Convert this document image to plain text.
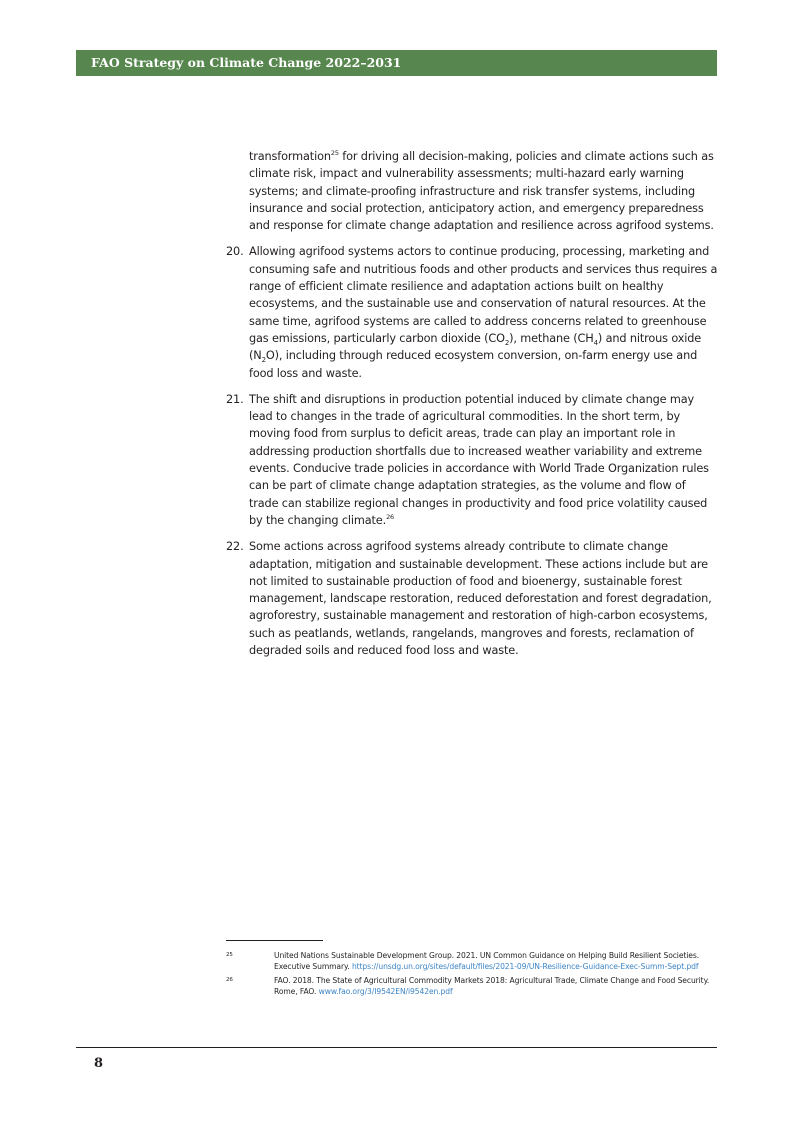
FAO Strategy on Climate Change 2022–2031

transformation$^{25}$ for driving all decision-making, policies and climate actions such as climate risk, impact and vulnerability assessments; multi-hazard early warning systems; and climate-proofing infrastructure and risk transfer systems, including insurance and social protection, anticipatory action, and emergency preparedness and response for climate change adaptation and resilience across agrifood systems.

20. Allowing agrifood systems actors to continue producing, processing, marketing and consuming safe and nutritious foods and other products and services thus requires a range of efficient climate resilience and adaptation actions built on healthy ecosystems, and the sustainable use and conservation of natural resources. At the same time, agrifood systems are called to address concerns related to greenhouse gas emissions, particularly carbon dioxide $(CO_2)$, methane $(CH_4)$ and nitrous oxide $(N_2O)$, including through reduced ecosystem conversion, on-farm energy use and food loss and waste.

21. The shift and disruptions in production potential induced by climate change may lead to changes in the trade of agricultural commodities. In the short term, by moving food from surplus to deficit areas, trade can play an important role in addressing production shortfalls due to increased weather variability and extreme events. Conducive trade policies in accordance with World Trade Organization rules can be part of climate change adaptation strategies, as the volume and flow of trade can stabilize regional changes in productivity and food price volatility caused by the changing climate.$^{26}$

22. Some actions across agrifood systems already contribute to climate change adaptation, mitigation and sustainable development. These actions include but are not limited to sustainable production of food and bioenergy, sustainable forest management, landscape restoration, reduced deforestation and forest degradation, agroforestry, sustainable management and restoration of high-carbon ecosystems, such as peatlands, wetlands, rangelands, mangroves and forests, reclamation of degraded soils and reduced food loss and waste.

25	United Nations Sustainable Development Group. 2021. UN Common Guidance on Helping Build Resilient Societies. Executive Summary. https://unsdg.un.org/sites/default/files/2021-09/UN-Resilience-Guidance-Exec-Summ-Sept.pdf
26	FAO. 2018. The State of Agricultural Commodity Markets 2018: Agricultural Trade, Climate Change and Food Security. Rome, FAO. www.fao.org/3/I9542EN/i9542en.pdf
8
